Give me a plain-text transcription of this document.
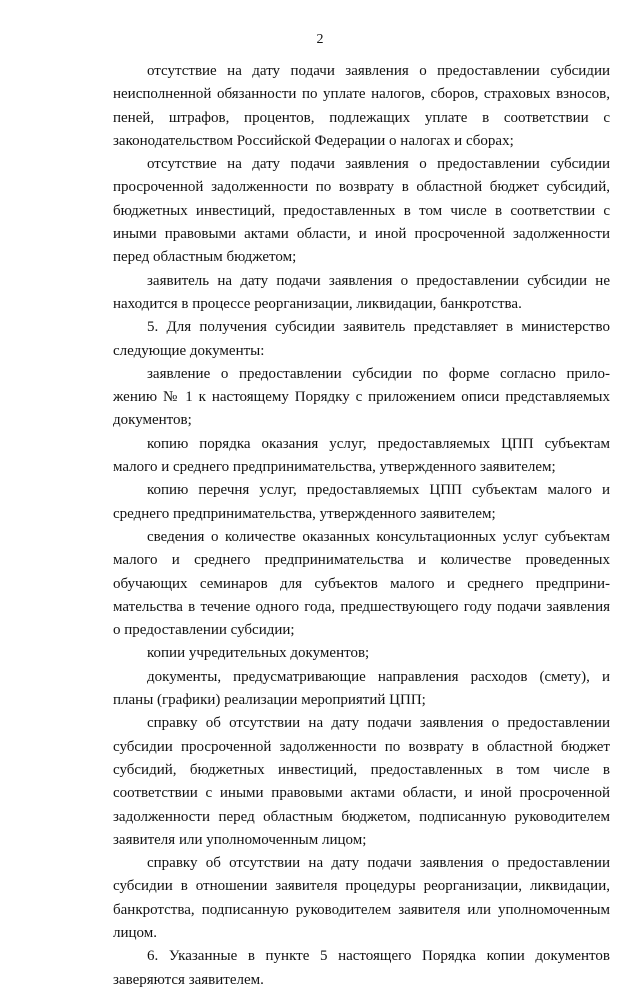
2
отсутствие на дату подачи заявления о предоставлении субсидии
неисполненной обязанности по уплате налогов, сборов, страховых взносов,
пеней, штрафов, процентов, подлежащих уплате в соответствии с
законодательством Российской Федерации о налогах и сборах;
отсутствие на дату подачи заявления о предоставлении субсидии
просроченной задолженности по возврату в областной бюджет субсидий,
бюджетных инвестиций, предоставленных в том числе в соответствии с
иными правовыми актами области, и иной просроченной задолженности
перед областным бюджетом;
заявитель на дату подачи заявления о предоставлении субсидии не
находится в процессе реорганизации, ликвидации, банкротства.
5. Для получения субсидии заявитель представляет в министерство
следующие документы:
заявление о предоставлении субсидии по форме согласно прило-
жению № 1 к настоящему Порядку с приложением описи представляемых
документов;
копию порядка оказания услуг, предоставляемых ЦПП субъектам
малого и среднего предпринимательства, утвержденного заявителем;
копию перечня услуг, предоставляемых ЦПП субъектам малого и
среднего предпринимательства, утвержденного заявителем;
сведения о количестве оказанных консультационных услуг субъектам
малого и среднего предпринимательства и количестве проведенных
обучающих семинаров для субъектов малого и среднего предприни-
мательства в течение одного года, предшествующего году подачи заявления
о предоставлении субсидии;
копии учредительных документов;
документы, предусматривающие направления расходов (смету), и
планы (графики) реализации мероприятий ЦПП;
справку об отсутствии на дату подачи заявления о предоставлении
субсидии просроченной задолженности по возврату в областной бюджет
субсидий, бюджетных инвестиций, предоставленных в том числе в
соответствии с иными правовыми актами области, и иной просроченной
задолженности перед областным бюджетом, подписанную руководителем
заявителя или уполномоченным лицом;
справку об отсутствии на дату подачи заявления о предоставлении
субсидии в отношении заявителя процедуры реорганизации, ликвидации,
банкротства, подписанную руководителем заявителя или уполномоченным
лицом.
6. Указанные в пункте 5 настоящего Порядка копии документов
заверяются заявителем.
